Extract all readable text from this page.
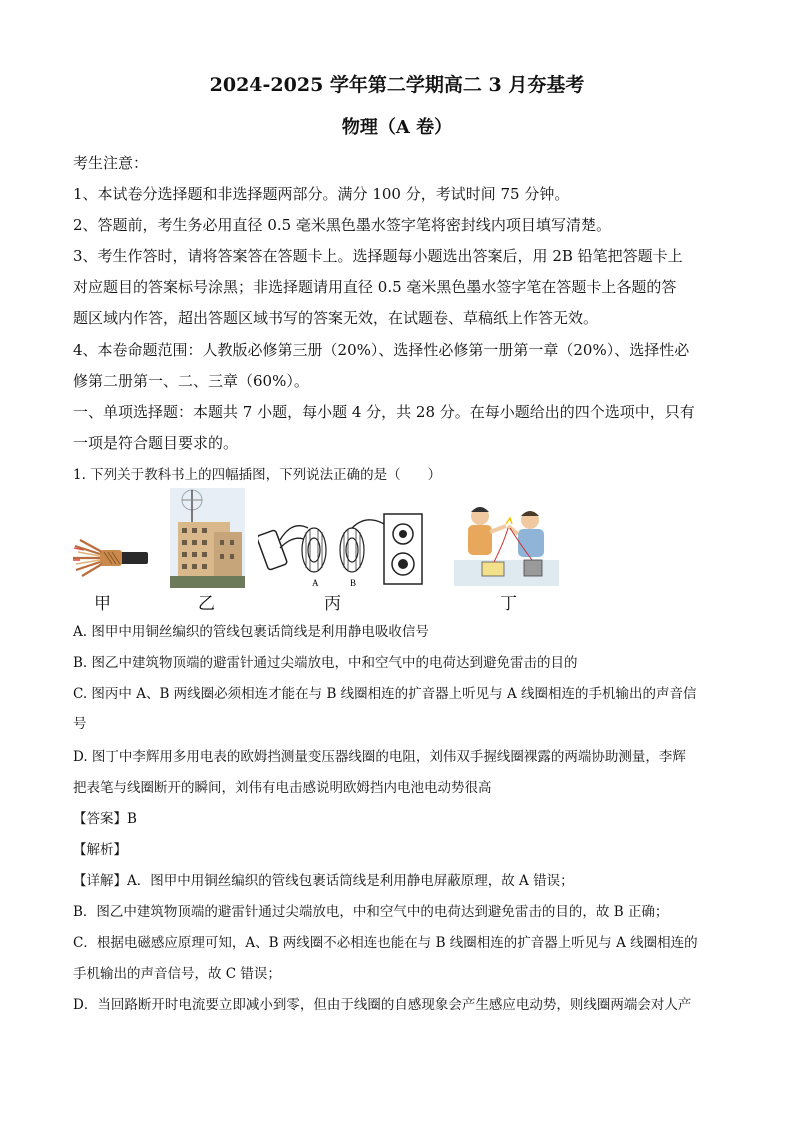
2024-2025 学年第二学期高二 3 月夯基考
物理（A 卷）
考生注意：
1、本试卷分选择题和非选择题两部分。满分 100 分，考试时间 75 分钟。
2、答题前，考生务必用直径 0.5 毫米黑色墨水签字笔将密封线内项目填写清楚。
3、考生作答时，请将答案答在答题卡上。选择题每小题选出答案后，用 2B 铅笔把答题卡上
对应题目的答案标号涂黑；非选择题请用直径 0.5 毫米黑色墨水签字笔在答题卡上各题的答
题区域内作答，超出答题区域书写的答案无效，在试题卷、草稿纸上作答无效。
4、本卷命题范围：人教版必修第三册（20%）、选择性必修第一册第一章（20%）、选择性必
修第二册第一、二、三章（60%）。
一、单项选择题：本题共 7 小题，每小题 4 分，共 28 分。在每小题给出的四个选项中，只有
一项是符合题目要求的。
1. 下列关于教科书上的四幅插图，下列说法正确的是（　　）
A	B
甲	乙	丙	丁
A. 图甲中用铜丝编织的管线包裹话筒线是利用静电吸收信号
B. 图乙中建筑物顶端的避雷针通过尖端放电，中和空气中的电荷达到避免雷击的目的
C. 图丙中 A、B 两线圈必须相连才能在与 B 线圈相连的扩音器上听见与 A 线圈相连的手机输出的声音信
号
D. 图丁中李辉用多用电表的欧姆挡测量变压器线圈的电阻，刘伟双手握线圈裸露的两端协助测量，李辉
把表笔与线圈断开的瞬间，刘伟有电击感说明欧姆挡内电池电动势很高
【答案】B
【解析】
【详解】A．图甲中用铜丝编织的管线包裹话筒线是利用静电屏蔽原理，故 A 错误；
B．图乙中建筑物顶端的避雷针通过尖端放电，中和空气中的电荷达到避免雷击的目的，故 B 正确；
C．根据电磁感应原理可知，A、B 两线圈不必相连也能在与 B 线圈相连的扩音器上听见与 A 线圈相连的
手机输出的声音信号，故 C 错误；
D．当回路断开时电流要立即减小到零，但由于线圈的自感现象会产生感应电动势，则线圈两端会对人产
